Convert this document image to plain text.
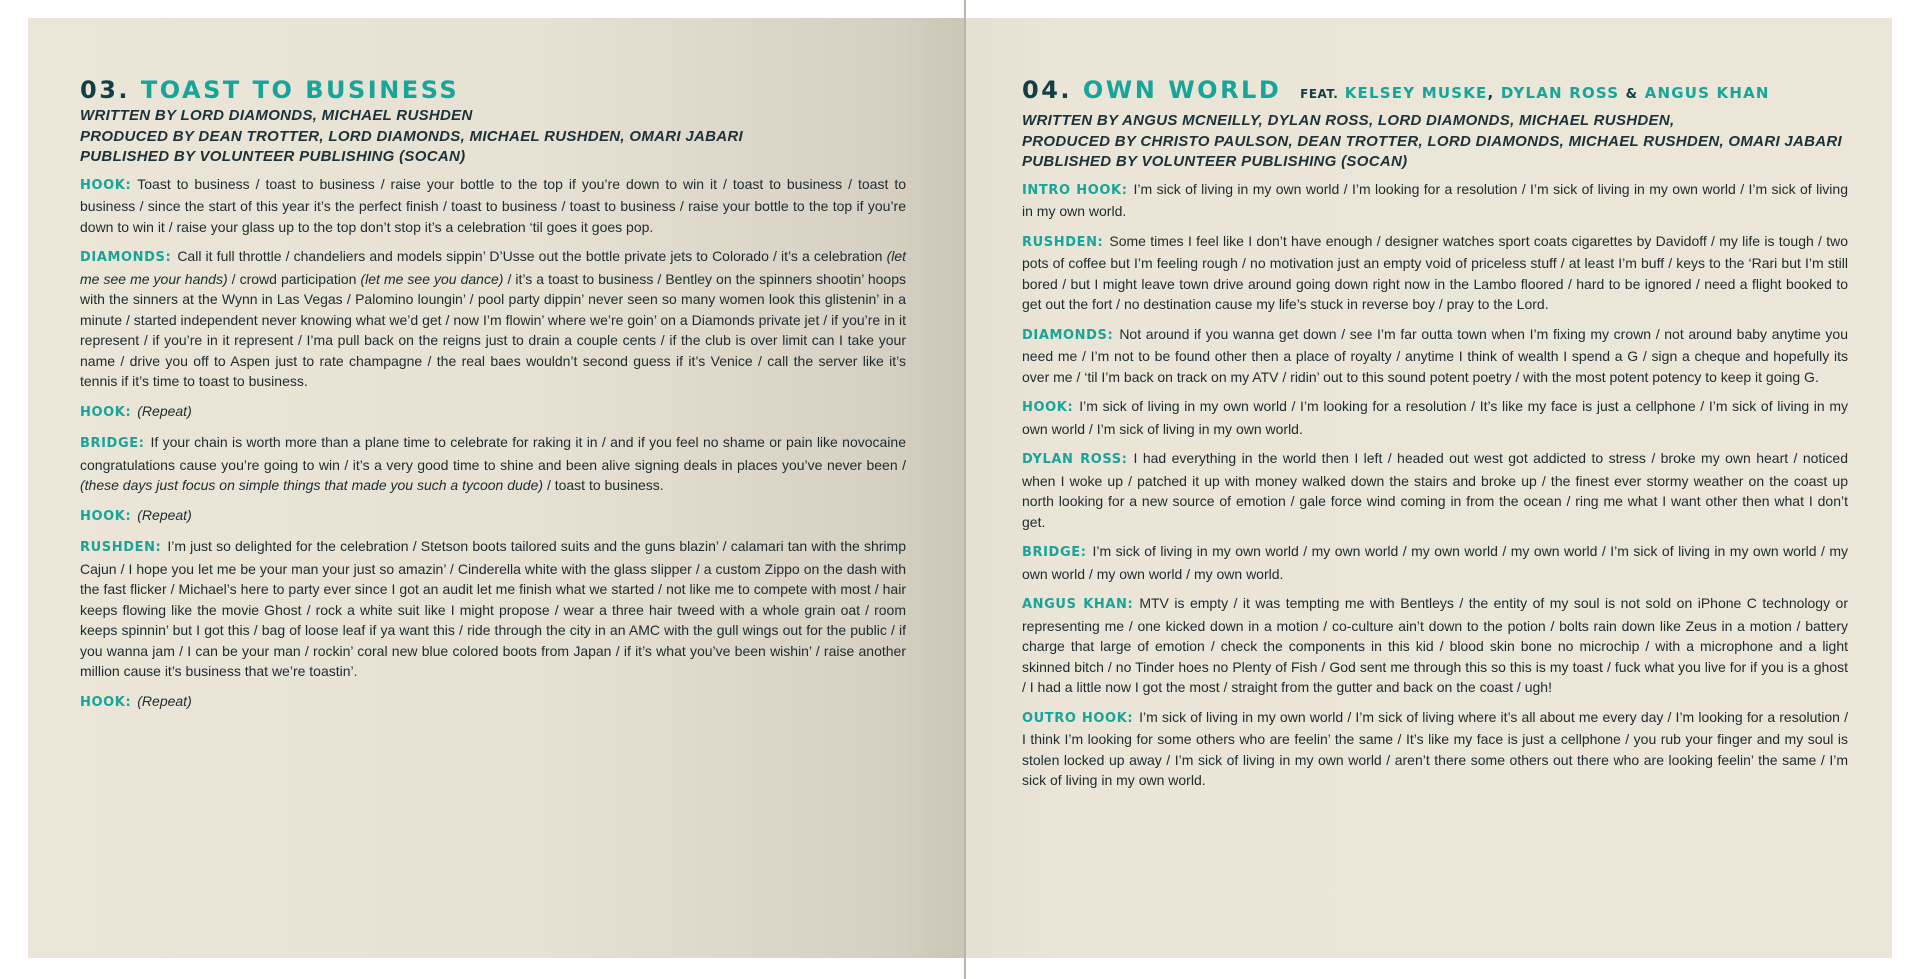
03. TOAST TO BUSINESS
WRITTEN BY LORD DIAMONDS, MICHAEL RUSHDEN
PRODUCED BY DEAN TROTTER, LORD DIAMONDS, MICHAEL RUSHDEN, OMARI JABARI
PUBLISHED BY VOLUNTEER PUBLISHING (SOCAN)
HOOK: Toast to business / toast to business / raise your bottle to the top if you’re down to win it / toast to business / toast to business / since the start of this year it’s the perfect finish / toast to business / toast to business / raise your bottle to the top if you’re down to win it / raise your glass up to the top don’t stop it’s a celebration ‘til goes it goes pop.
DIAMONDS: Call it full throttle / chandeliers and models sippin’ D’Usse out the bottle private jets to Colorado / it’s a celebration (let me see me your hands) / crowd participation (let me see you dance) / it’s a toast to business / Bentley on the spinners shootin’ hoops with the sinners at the Wynn in Las Vegas / Palomino loungin’ / pool party dippin’ never seen so many women look this glistenin’ in a minute / started independent never knowing what we’d get / now I’m flowin’ where we’re goin’ on a Diamonds private jet / if you’re in it represent / if you’re in it represent / I’ma pull back on the reigns just to drain a couple cents / if the club is over limit can I take your name / drive you off to Aspen just to rate champagne / the real baes wouldn’t second guess if it’s Venice / call the server like it’s tennis if it’s time to toast to business.
HOOK: (Repeat)
BRIDGE: If your chain is worth more than a plane time to celebrate for raking it in / and if you feel no shame or pain like novocaine congratulations cause you’re going to win / it’s a very good time to shine and been alive signing deals in places you’ve never been / (these days just focus on simple things that made you such a tycoon dude) / toast to business.
HOOK: (Repeat)
RUSHDEN: I’m just so delighted for the celebration / Stetson boots tailored suits and the guns blazin’ / calamari tan with the shrimp Cajun / I hope you let me be your man your just so amazin’ / Cinderella white with the glass slipper / a custom Zippo on the dash with the fast flicker / Michael’s here to party ever since I got an audit let me finish what we started / not like me to compete with most / hair keeps flowing like the movie Ghost / rock a white suit like I might propose / wear a three hair tweed with a whole grain oat / room keeps spinnin’ but I got this / bag of loose leaf if ya want this / ride through the city in an AMC with the gull wings out for the public / if you wanna jam / I can be your man / rockin’ coral new blue colored boots from Japan / if it’s what you’ve been wishin’ / raise another million cause it’s business that we’re toastin’.
HOOK: (Repeat)
04. OWN WORLD FEAT. KELSEY MUSKE, DYLAN ROSS & ANGUS KHAN
WRITTEN BY ANGUS MCNEILLY, DYLAN ROSS, LORD DIAMONDS, MICHAEL RUSHDEN,
PRODUCED BY CHRISTO PAULSON, DEAN TROTTER, LORD DIAMONDS, MICHAEL RUSHDEN, OMARI JABARI
PUBLISHED BY VOLUNTEER PUBLISHING (SOCAN)
INTRO HOOK: I’m sick of living in my own world / I’m looking for a resolution / I’m sick of living in my own world / I’m sick of living in my own world.
RUSHDEN: Some times I feel like I don’t have enough / designer watches sport coats cigarettes by Davidoff / my life is tough / two pots of coffee but I’m feeling rough / no motivation just an empty void of priceless stuff / at least I’m buff / keys to the ‘Rari but I’m still bored / but I might leave town drive around going down right now in the Lambo floored / hard to be ignored / need a flight booked to get out the fort / no destination cause my life’s stuck in reverse boy / pray to the Lord.
DIAMONDS: Not around if you wanna get down / see I’m far outta town when I’m fixing my crown / not around baby anytime you need me / I’m not to be found other then a place of royalty / anytime I think of wealth I spend a G / sign a cheque and hopefully its over me / ‘til I’m back on track on my ATV / ridin’ out to this sound potent poetry / with the most potent potency to keep it going G.
HOOK: I’m sick of living in my own world / I’m looking for a resolution / It’s like my face is just a cellphone / I’m sick of living in my own world / I’m sick of living in my own world.
DYLAN ROSS: I had everything in the world then I left / headed out west got addicted to stress / broke my own heart / noticed when I woke up / patched it up with money walked down the stairs and broke up / the finest ever stormy weather on the coast up north looking for a new source of emotion / gale force wind coming in from the ocean / ring me what I want other then what I don’t get.
BRIDGE: I’m sick of living in my own world / my own world / my own world / my own world / I’m sick of living in my own world / my own world / my own world / my own world.
ANGUS KHAN: MTV is empty / it was tempting me with Bentleys / the entity of my soul is not sold on iPhone C technology or representing me / one kicked down in a motion / co-culture ain’t down to the potion / bolts rain down like Zeus in a motion / battery charge that large of emotion / check the components in this kid / blood skin bone no microchip / with a microphone and a light skinned bitch / no Tinder hoes no Plenty of Fish / God sent me through this so this is my toast / fuck what you live for if you is a ghost / I had a little now I got the most / straight from the gutter and back on the coast / ugh!
OUTRO HOOK: I’m sick of living in my own world / I’m sick of living where it’s all about me every day / I’m looking for a resolution / I think I’m looking for some others who are feelin’ the same / It’s like my face is just a cellphone / you rub your finger and my soul is stolen locked up away / I’m sick of living in my own world / aren’t there some others out there who are looking feelin’ the same / I’m sick of living in my own world.
